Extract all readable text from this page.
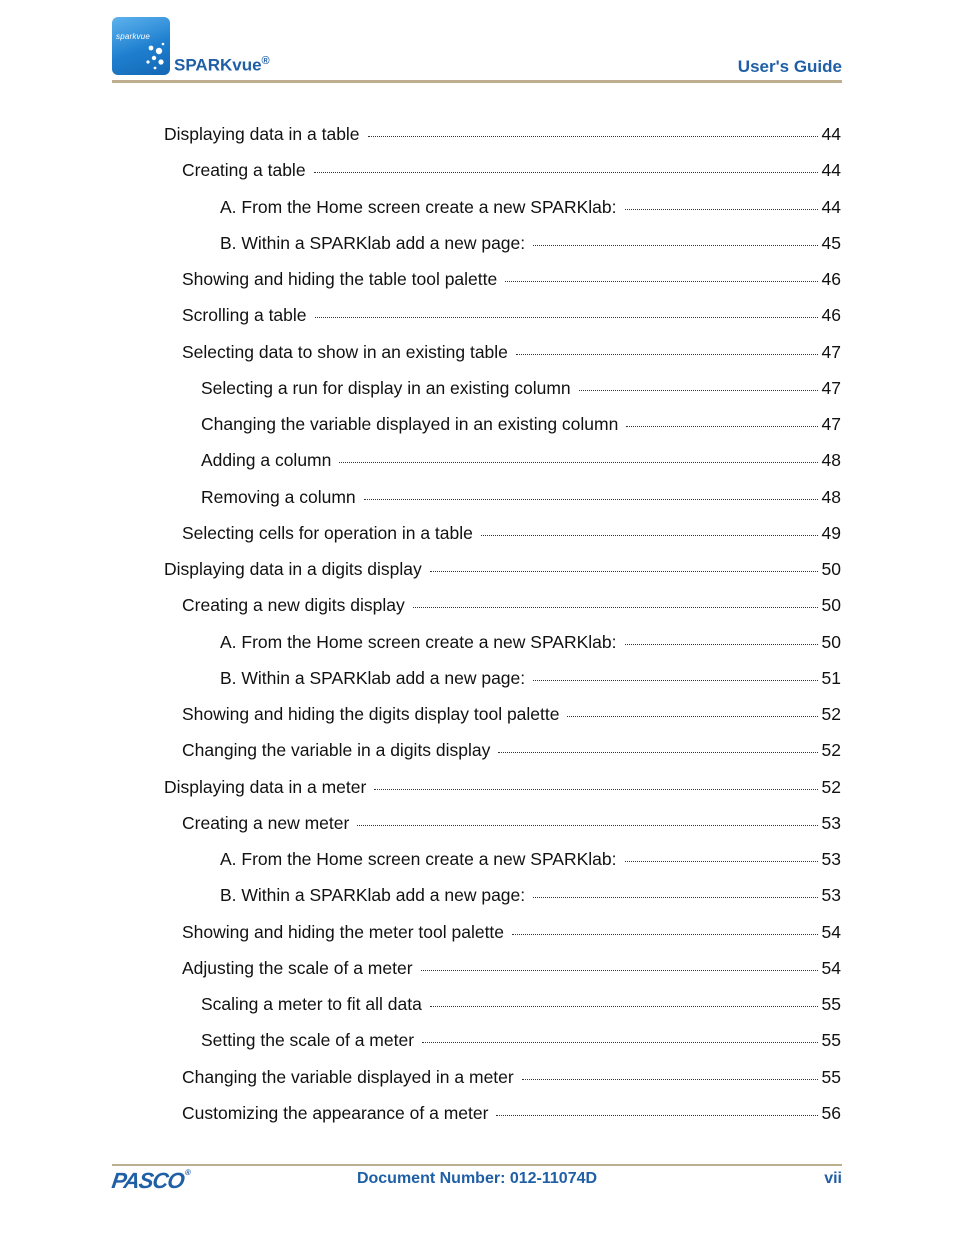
sparkvue
SPARKvue®	User's Guide
Displaying data in a table	44
Creating a table	44
A. From the Home screen create a new SPARKlab:	44
B. Within a SPARKlab add a new page:	45
Showing and hiding the table tool palette	46
Scrolling a table	46
Selecting data to show in an existing table	47
Selecting a run for display in an existing column	47
Changing the variable displayed in an existing column	47
Adding a column	48
Removing a column	48
Selecting cells for operation in a table	49
Displaying data in a digits display	50
Creating a new digits display	50
A. From the Home screen create a new SPARKlab:	50
B. Within a SPARKlab add a new page:	51
Showing and hiding the digits display tool palette	52
Changing the variable in a digits display	52
Displaying data in a meter	52
Creating a new meter	53
A. From the Home screen create a new SPARKlab:	53
B. Within a SPARKlab add a new page:	53
Showing and hiding the meter tool palette	54
Adjusting the scale of a meter	54
Scaling a meter to fit all data	55
Setting the scale of a meter	55
Changing the variable displayed in a meter	55
Customizing the appearance of a meter	56
PASCO®	Document Number: 012-11074D	vii
